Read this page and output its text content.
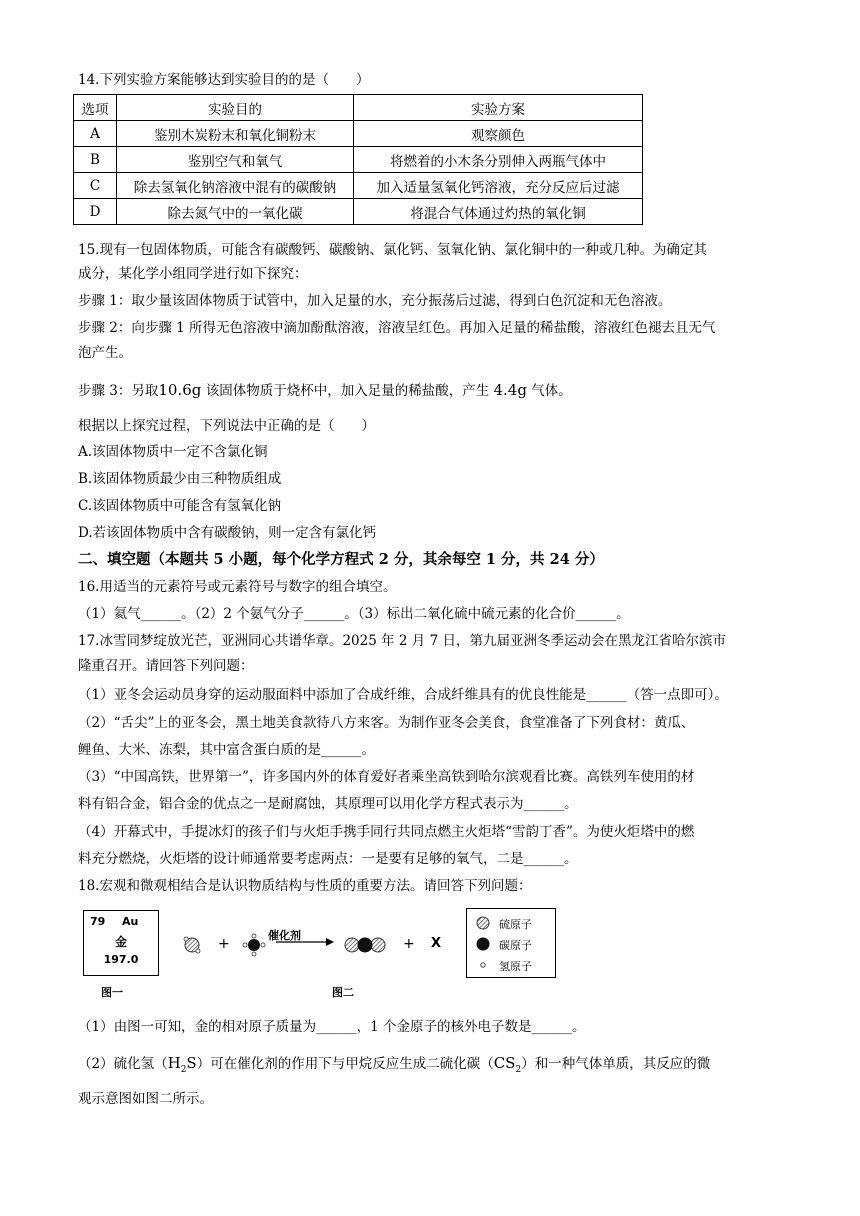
14.下列实验方案能够达到实验目的的是（　　）
选项	实验目的	实验方案
A	鉴别木炭粉末和氧化铜粉末	观察颜色
B	鉴别空气和氧气	将燃着的小木条分别伸入两瓶气体中
C	除去氢氧化钠溶液中混有的碳酸钠	加入适量氢氧化钙溶液，充分反应后过滤
D	除去氮气中的一氧化碳	将混合气体通过灼热的氧化铜
15.现有一包固体物质，可能含有碳酸钙、碳酸钠、氯化钙、氢氧化钠、氯化铜中的一种或几种。为确定其
成分，某化学小组同学进行如下探究：
步骤 1：取少量该固体物质于试管中，加入足量的水，充分振荡后过滤，得到白色沉淀和无色溶液。
步骤 2：向步骤 1 所得无色溶液中滴加酚酞溶液，溶液呈红色。再加入足量的稀盐酸，溶液红色褪去且无气
泡产生。
步骤 3：另取10.6g 该固体物质于烧杯中，加入足量的稀盐酸，产生 4.4g 气体。
根据以上探究过程，下列说法中正确的是（　　）
A.该固体物质中一定不含氯化铜
B.该固体物质最少由三种物质组成
C.该固体物质中可能含有氢氧化钠
D.若该固体物质中含有碳酸钠，则一定含有氯化钙
二、填空题（本题共 5 小题，每个化学方程式 2 分，其余每空 1 分，共 24 分）
16.用适当的元素符号或元素符号与数字的组合填空。
（1）氦气______。（2）2 个氨气分子______。（3）标出二氧化硫中硫元素的化合价______。
17.冰雪同梦绽放光芒，亚洲同心共谱华章。2025 年 2 月 7 日，第九届亚洲冬季运动会在黑龙江省哈尔滨市
隆重召开。请回答下列问题：
（1）亚冬会运动员身穿的运动服面料中添加了合成纤维，合成纤维具有的优良性能是______（答一点即可）。
（2）“舌尖”上的亚冬会，黑土地美食款待八方来客。为制作亚冬会美食，食堂准备了下列食材：黄瓜、
鲤鱼、大米、冻梨，其中富含蛋白质的是______。
（3）“中国高铁，世界第一”，许多国内外的体育爱好者乘坐高铁到哈尔滨观看比赛。高铁列车使用的材
料有铝合金，铝合金的优点之一是耐腐蚀，其原理可以用化学方程式表示为______。
（4）开幕式中，手提冰灯的孩子们与火炬手携手同行共同点燃主火炬塔“雪韵丁香”。为使火炬塔中的燃
料充分燃烧，火炬塔的设计师通常要考虑两点：一是要有足够的氧气，二是______。
18.宏观和微观相结合是认识物质结构与性质的重要方法。请回答下列问题：
79 Au
金
197.0
图一
+
催化剂
+ X
图二
硫原子
碳原子
氢原子
（1）由图一可知，金的相对原子质量为______，1 个金原子的核外电子数是______。
（2）硫化氢$(H_2S)$可在催化剂的作用下与甲烷反应生成二硫化碳$(CS_2)$和一种气体单质，其反应的微
观示意图如图二所示。
